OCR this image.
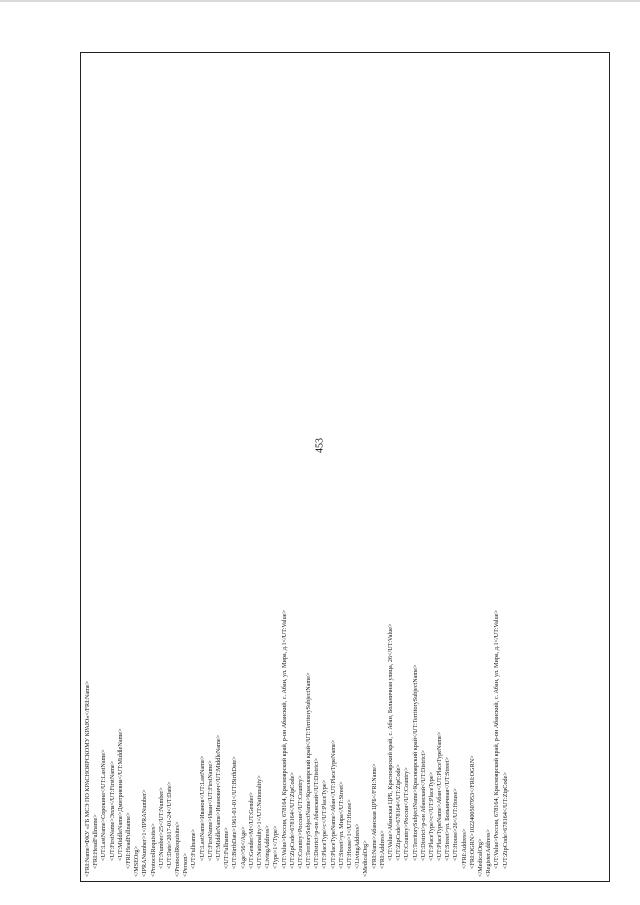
453
<FRI:Name>ФКУ «ГБ МСЭ ПО КРАСНОЯРСКОМУ КРАЮ»</FRI:Name> <FRI:HeadFullname> <UT:LastName>Сорокина</UT:LastName> <UT:FirstName>Элла</UT:FirstName> <UT:MiddleName>Дмитриевна</UT:MiddleName> </FRI:HeadFullname> </MSEOrg> <IPRANumber>1</IPRANumber> <ProtocolRequisites> <UT:Number>25</UT:Number> <UT:Date>2017-01-24</UT:Date> </ProtocolRequisites> <Person> <UT:Fullname> <UT:LastName>Иванов</UT:LastName> <UT:FirstName>Иван</UT:FirstName> <UT:MiddleName>Иванович</UT:MiddleName> </UT:Fullname> <UT:BirthDate>1961-01-01</UT:BirthDate> <Age>56</Age> <UT:Gender>M</UT:Gender> <UT:Nationality>1</UT:Nationality> <LivingAddress> <Type>1</Type> <UT:Value>Россия, 678164, Красноярский край, р-он Абанский, с. Абан, ул. Мира, д.1</UT:Value> <UT:ZipCode>678164</UT:ZipCode> <UT:Country>Россия</UT:Country> <UT:TerritorySubjectName>Красноярский край</UT:TerritorySubjectName> <UT:District>р-он Абанский</UT:District> <UT:PlaceType>с</UT:PlaceType> <UT:PlaceTypeName>Абан</UT:PlaceTypeName> <UT:Street>ул. Мира</UT:Street> <UT:House>1</UT:House> </LivingAddress> <MedicalOrg> <FRI:Name>Абанская ЦРБ</FRI:Name> <FRI:Address> <UT:Value>Абанская ЦРБ, Красноярский край, с. Абан, Больничная улица, 26</UT:Value> <UT:ZipCode>678164</UT:ZipCode> <UT:Country>Россия</UT:Country> <UT:TerritorySubjectName>Красноярский край</UT:TerritorySubjectName> <UT:District>р-он Абанский</UT:District> <UT:PlaceType>с</UT:PlaceType> <UT:PlaceTypeName>Абан</UT:PlaceTypeName> <UT:Street>ул. Больничная</UT:Street> <UT:House>26</UT:House> </FRI:Address> <FRI:OGRN>1022400507953</FRI:OGRN> </MedicalOrg> <RegisterAddress> <UT:Value>Россия, 678164, Красноярский край, р-он Абанский, с. Абан, ул. Мира, д.1</UT:Value> <UT:ZipCode>678164</UT:ZipCode>
